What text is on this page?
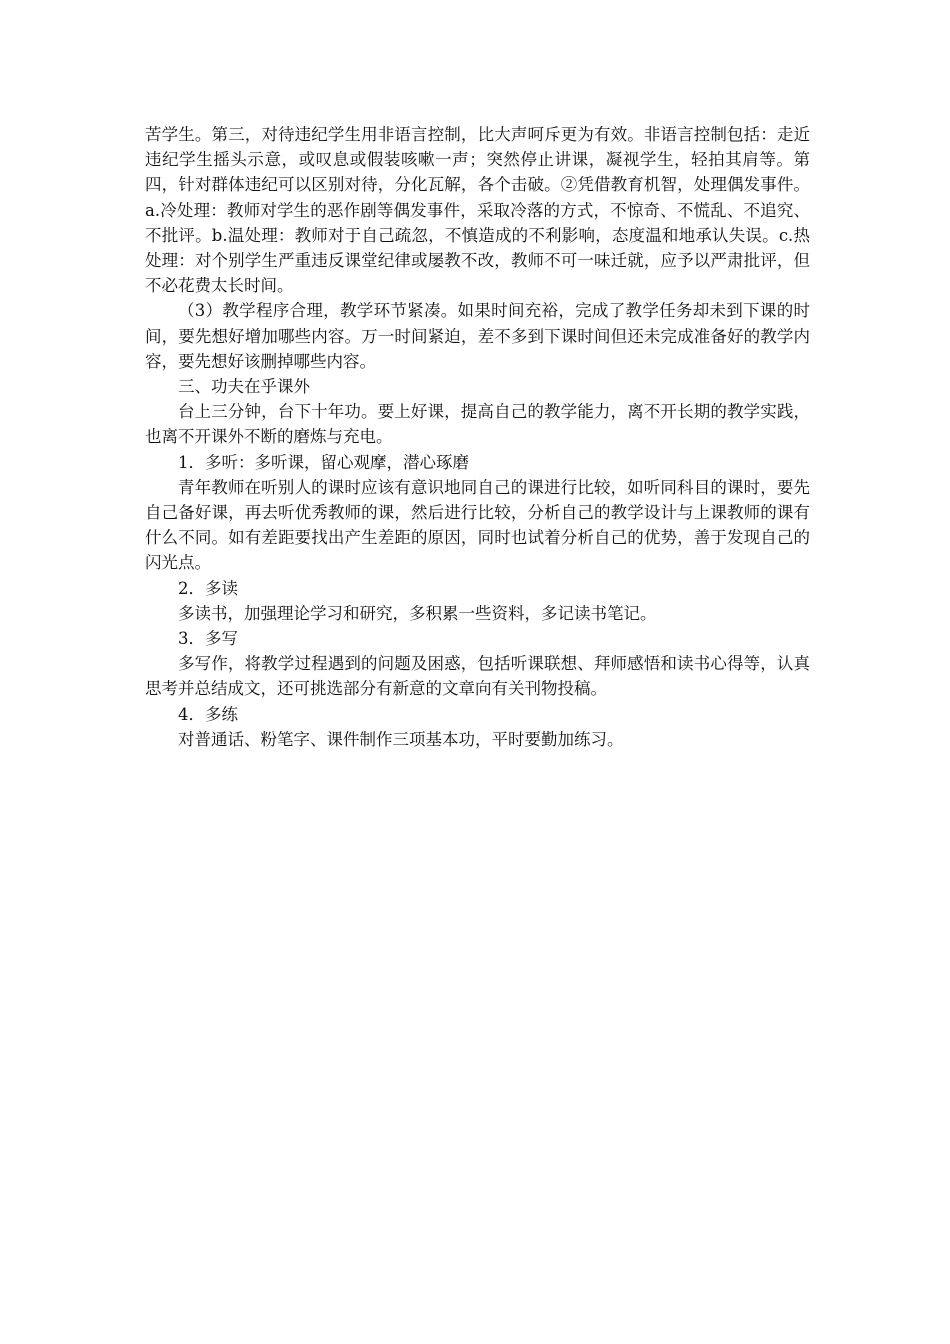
苦学生。第三，对待违纪学生用非语言控制，比大声呵斥更为有效。非语言控制包括：走近违纪学生摇头示意，或叹息或假装咳嗽一声；突然停止讲课，凝视学生，轻拍其肩等。第四，针对群体违纪可以区别对待，分化瓦解，各个击破。②凭借教育机智，处理偶发事件。a.冷处理：教师对学生的恶作剧等偶发事件，采取冷落的方式，不惊奇、不慌乱、不追究、不批评。b.温处理：教师对于自己疏忽，不慎造成的不利影响，态度温和地承认失误。c.热处理：对个别学生严重违反课堂纪律或屡教不改，教师不可一味迁就，应予以严肃批评，但不必花费太长时间。

（3）教学程序合理，教学环节紧凑。如果时间充裕，完成了教学任务却未到下课的时间，要先想好增加哪些内容。万一时间紧迫，差不多到下课时间但还未完成准备好的教学内容，要先想好该删掉哪些内容。

三、功夫在乎课外

台上三分钟，台下十年功。要上好课，提高自己的教学能力，离不开长期的教学实践，也离不开课外不断的磨炼与充电。

1．多听：多听课，留心观摩，潜心琢磨

青年教师在听别人的课时应该有意识地同自己的课进行比较，如听同科目的课时，要先自己备好课，再去听优秀教师的课，然后进行比较，分析自己的教学设计与上课教师的课有什么不同。如有差距要找出产生差距的原因，同时也试着分析自己的优势，善于发现自己的闪光点。

2．多读

多读书，加强理论学习和研究，多积累一些资料，多记读书笔记。

3．多写

多写作，将教学过程遇到的问题及困惑，包括听课联想、拜师感悟和读书心得等，认真思考并总结成文，还可挑选部分有新意的文章向有关刊物投稿。

4．多练

对普通话、粉笔字、课件制作三项基本功，平时要勤加练习。
